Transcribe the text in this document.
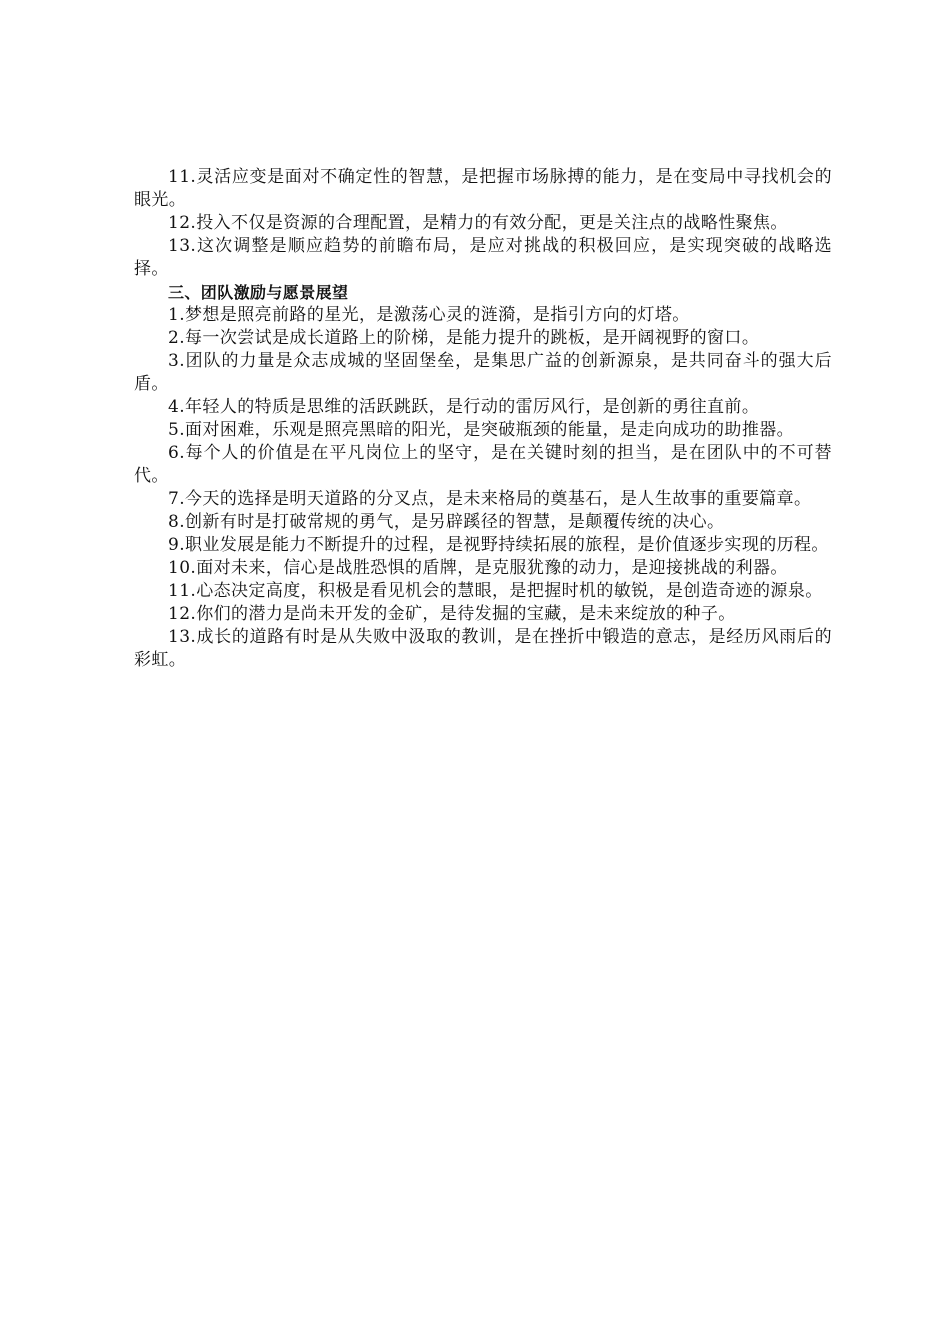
11.灵活应变是面对不确定性的智慧，是把握市场脉搏的能力，是在变局中寻找机会的眼光。

12.投入不仅是资源的合理配置，是精力的有效分配，更是关注点的战略性聚焦。

13.这次调整是顺应趋势的前瞻布局，是应对挑战的积极回应，是实现突破的战略选择。

三、团队激励与愿景展望

1.梦想是照亮前路的星光，是激荡心灵的涟漪，是指引方向的灯塔。

2.每一次尝试是成长道路上的阶梯，是能力提升的跳板，是开阔视野的窗口。

3.团队的力量是众志成城的坚固堡垒，是集思广益的创新源泉，是共同奋斗的强大后盾。

4.年轻人的特质是思维的活跃跳跃，是行动的雷厉风行，是创新的勇往直前。

5.面对困难，乐观是照亮黑暗的阳光，是突破瓶颈的能量，是走向成功的助推器。

6.每个人的价值是在平凡岗位上的坚守，是在关键时刻的担当，是在团队中的不可替代。

7.今天的选择是明天道路的分叉点，是未来格局的奠基石，是人生故事的重要篇章。

8.创新有时是打破常规的勇气，是另辟蹊径的智慧，是颠覆传统的决心。

9.职业发展是能力不断提升的过程，是视野持续拓展的旅程，是价值逐步实现的历程。

10.面对未来，信心是战胜恐惧的盾牌，是克服犹豫的动力，是迎接挑战的利器。

11.心态决定高度，积极是看见机会的慧眼，是把握时机的敏锐，是创造奇迹的源泉。

12.你们的潜力是尚未开发的金矿，是待发掘的宝藏，是未来绽放的种子。

13.成长的道路有时是从失败中汲取的教训，是在挫折中锻造的意志，是经历风雨后的彩虹。
